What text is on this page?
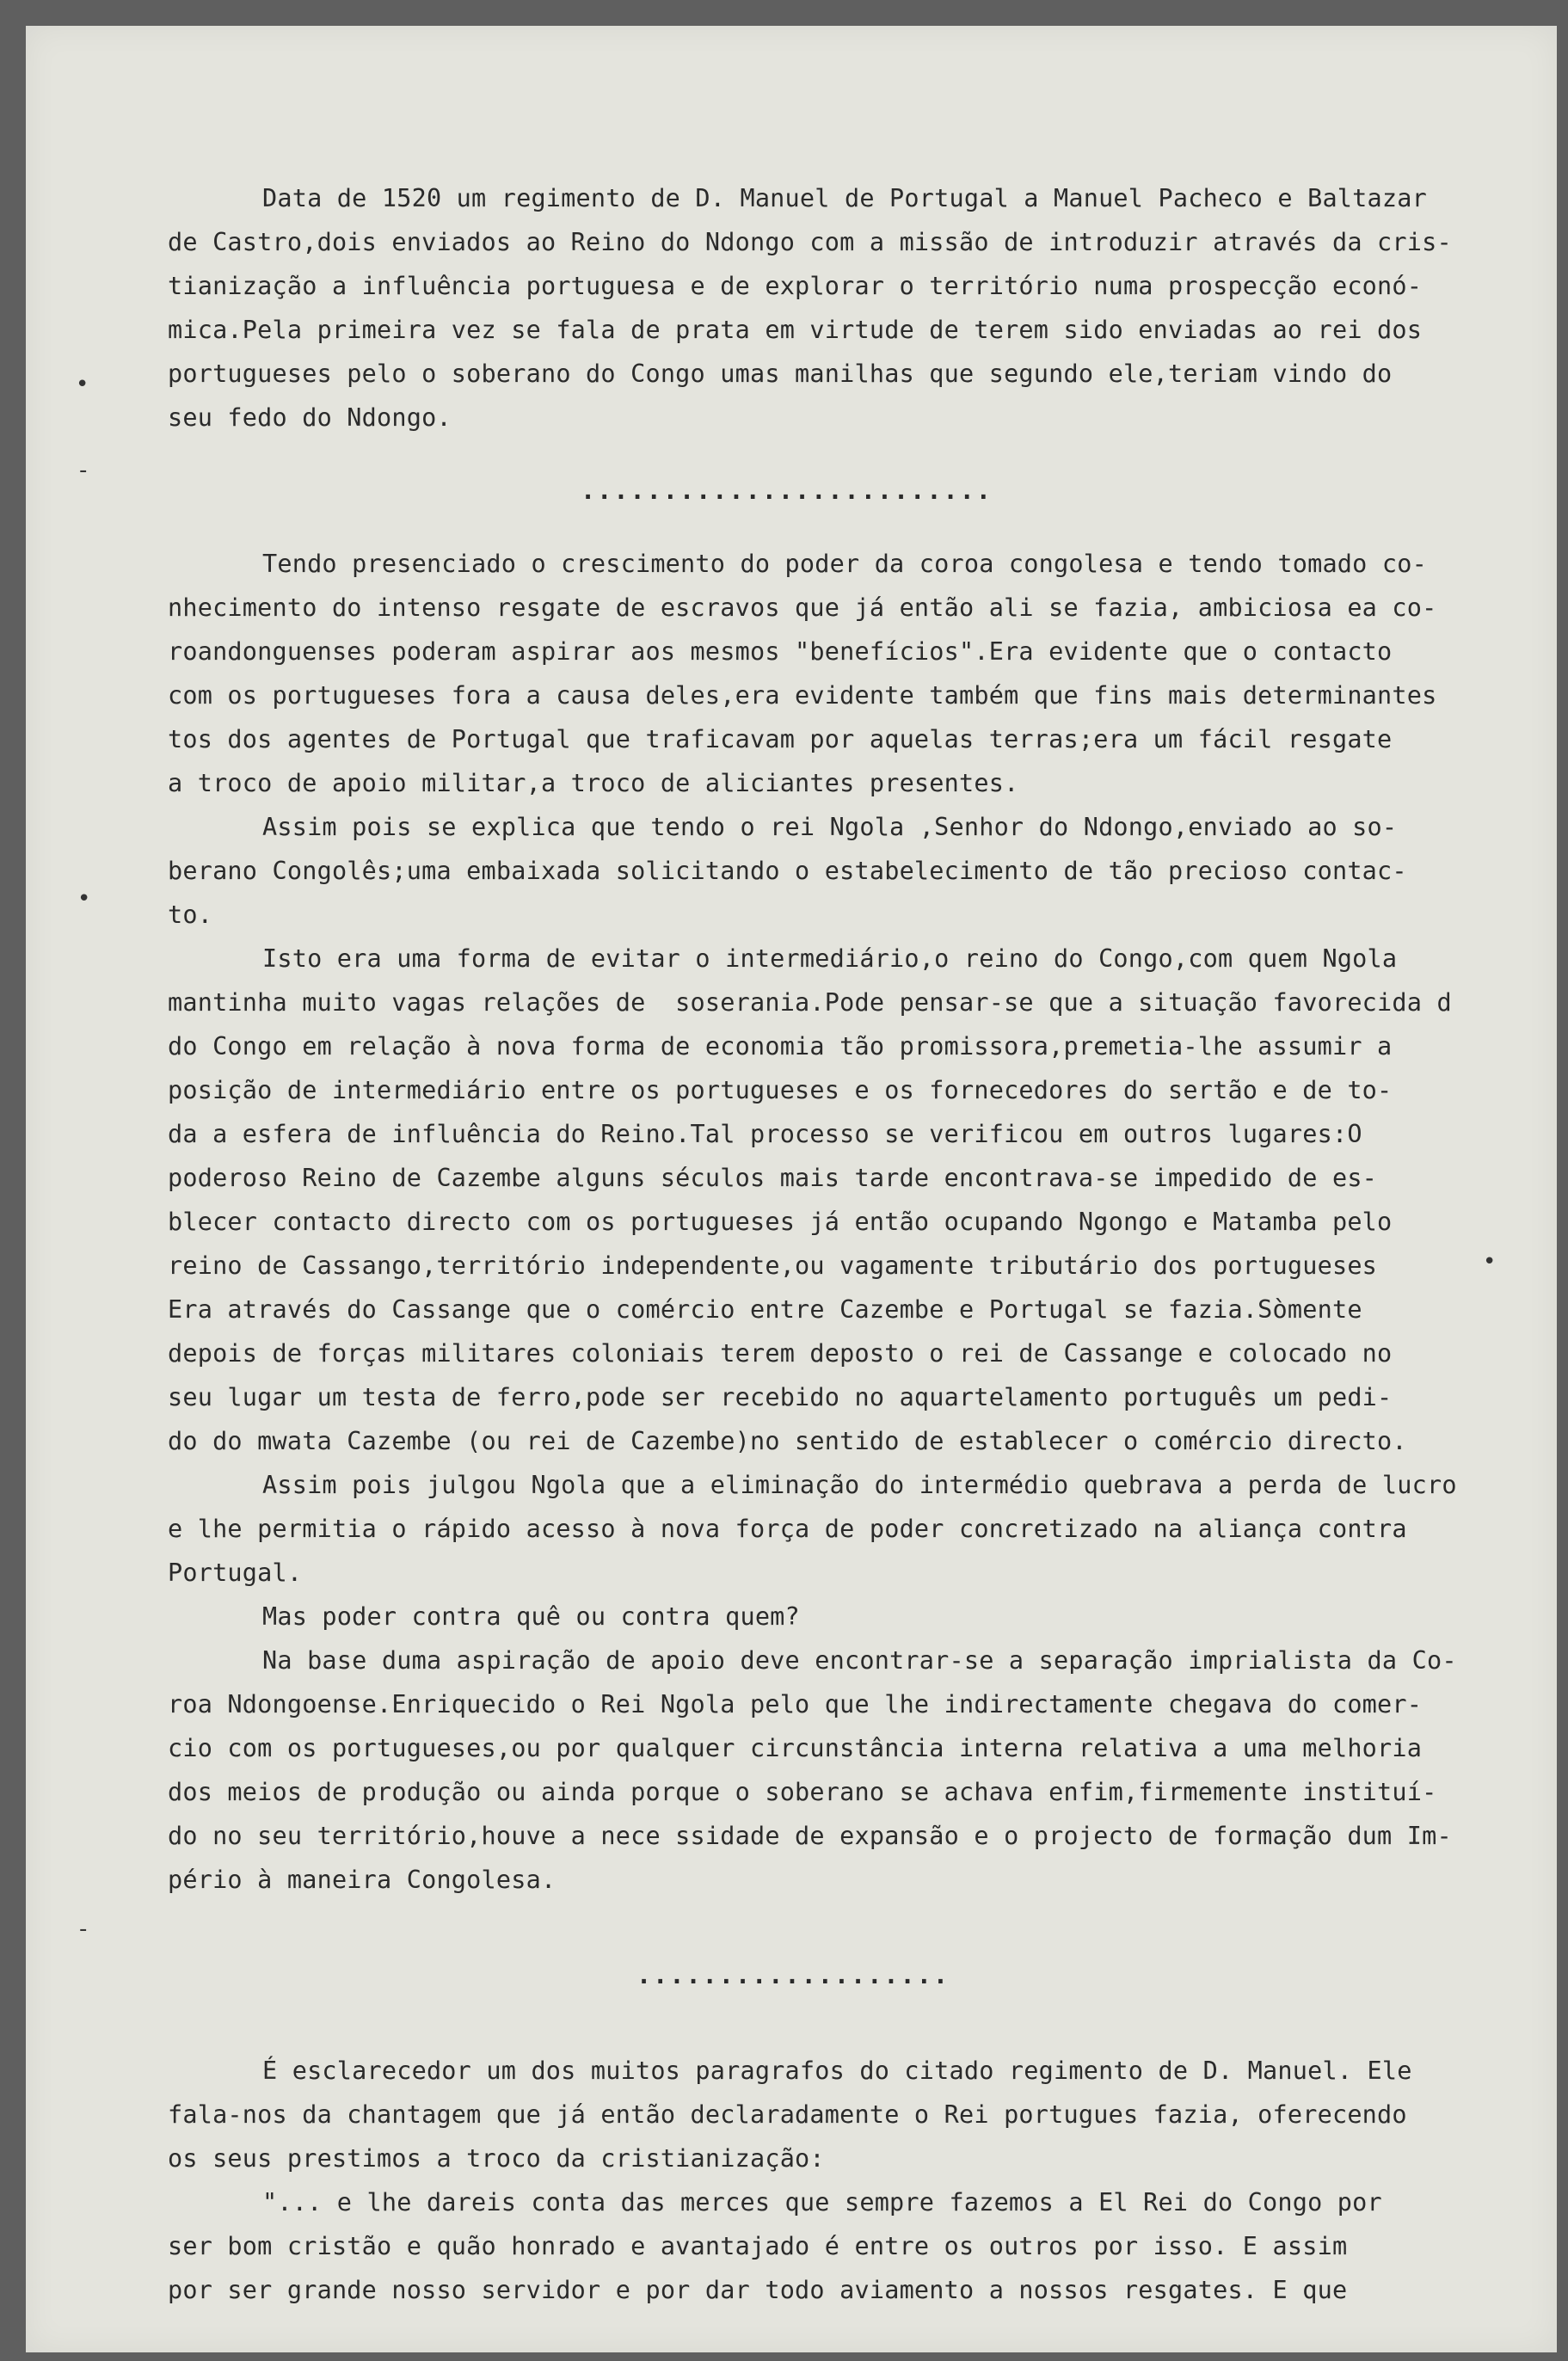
•
-
•
-
•
Data de 1520 um regimento de D. Manuel de Portugal a Manuel Pacheco e Baltazar
de Castro,dois enviados ao Reino do Ndongo com a missão de introduzir através da cris-
tianização a influência portuguesa e de explorar o território numa prospecção econó-
mica.Pela primeira vez se fala de prata em virtude de terem sido enviadas ao rei dos
portugueses pelo o soberano do Congo umas manilhas que segundo ele,teriam vindo do
seu fedo do Ndongo.
.........................
Tendo presenciado o crescimento do poder da coroa congolesa e tendo tomado co-
nhecimento do intenso resgate de escravos que já então ali se fazia, ambiciosa ea co-
roandonguenses poderam aspirar aos mesmos "benefícios".Era evidente que o contacto
com os portugueses fora a causa deles,era evidente também que fins mais determinantes
tos dos agentes de Portugal que traficavam por aquelas terras;era um fácil resgate
a troco de apoio militar,a troco de aliciantes presentes.
Assim pois se explica que tendo o rei Ngola ,Senhor do Ndongo,enviado ao so-
berano Congolês;uma embaixada solicitando o estabelecimento de tão precioso contac-
to.
Isto era uma forma de evitar o intermediário,o reino do Congo,com quem Ngola
mantinha muito vagas relações de  soserania.Pode pensar-se que a situação favorecida d
do Congo em relação à nova forma de economia tão promissora,premetia-lhe assumir a
posição de intermediário entre os portugueses e os fornecedores do sertão e de to-
da a esfera de influência do Reino.Tal processo se verificou em outros lugares:O
poderoso Reino de Cazembe alguns séculos mais tarde encontrava-se impedido de es-
blecer contacto directo com os portugueses já então ocupando Ngongo e Matamba pelo
reino de Cassango,território independente,ou vagamente tributário dos portugueses
Era através do Cassange que o comércio entre Cazembe e Portugal se fazia.Sòmente
depois de forças militares coloniais terem deposto o rei de Cassange e colocado no
seu lugar um testa de ferro,pode ser recebido no aquartelamento português um pedi-
do do mwata Cazembe (ou rei de Cazembe)no sentido de establecer o comércio directo.
Assim pois julgou Ngola que a eliminação do intermédio quebrava a perda de lucro
e lhe permitia o rápido acesso à nova força de poder concretizado na aliança contra
Portugal.
Mas poder contra quê ou contra quem?
Na base duma aspiração de apoio deve encontrar-se a separação imprialista da Co-
roa Ndongoense.Enriquecido o Rei Ngola pelo que lhe indirectamente chegava do comer-
cio com os portugueses,ou por qualquer circunstância interna relativa a uma melhoria
dos meios de produção ou ainda porque o soberano se achava enfim,firmemente instituí-
do no seu território,houve a nece ssidade de expansão e o projecto de formação dum Im-
pério à maneira Congolesa.
...................
É esclarecedor um dos muitos paragrafos do citado regimento de D. Manuel. Ele
fala-nos da chantagem que já então declaradamente o Rei portugues fazia, oferecendo
os seus prestimos a troco da cristianização:
"... e lhe dareis conta das merces que sempre fazemos a El Rei do Congo por
ser bom cristão e quão honrado e avantajado é entre os outros por isso. E assim
por ser grande nosso servidor e por dar todo aviamento a nossos resgates. E que
